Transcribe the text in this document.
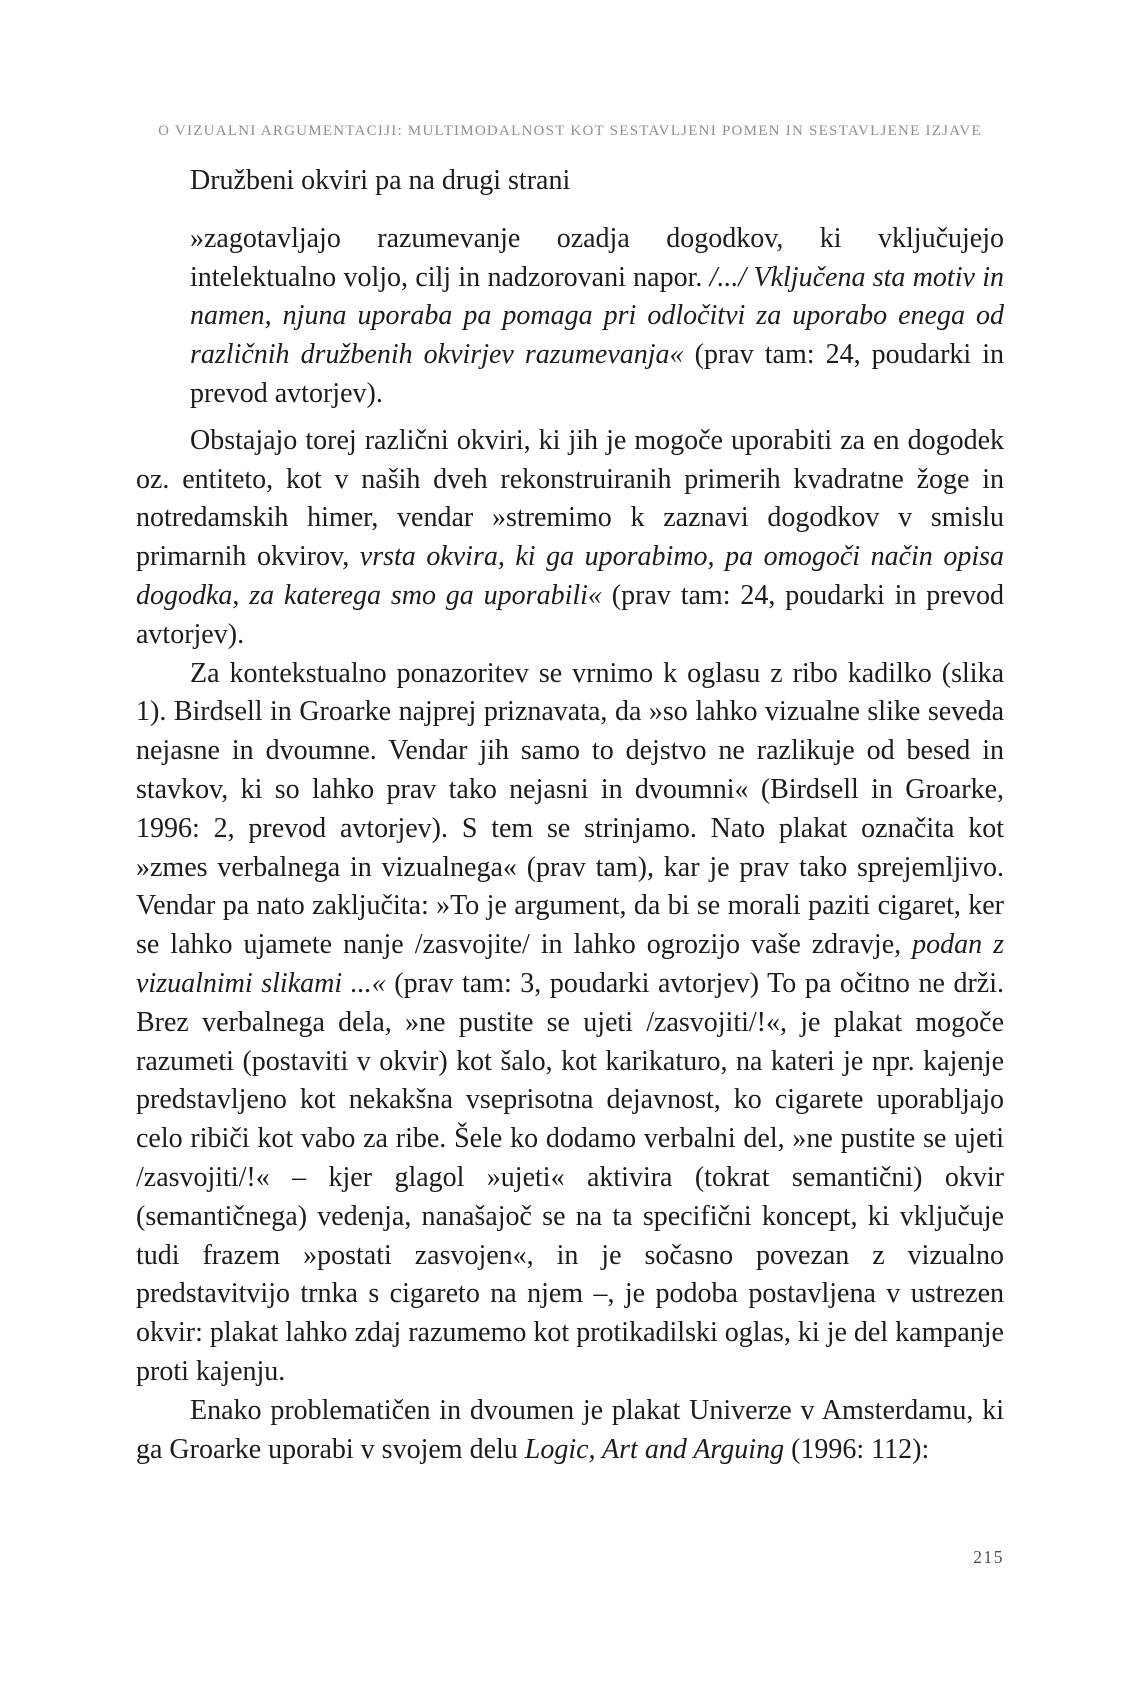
O VIZUALNI ARGUMENTACIJI: MULTIMODALNOST KOT SESTAVLJENI POMEN IN SESTAVLJENE IZJAVE

Družbeni okviri pa na drugi strani

»zagotavljajo razumevanje ozadja dogodkov, ki vključujejo intelektualno voljo, cilj in nadzorovani napor. /.../ Vključena sta motiv in namen, njuna uporaba pa pomaga pri odločitvi za uporabo enega od različnih družbenih okvirjev razumevanja« (prav tam: 24, poudarki in prevod avtorjev).

Obstajajo torej različni okviri, ki jih je mogoče uporabiti za en dogodek oz. entiteto, kot v naših dveh rekonstruiranih primerih kvadratne žoge in notredamskih himer, vendar »stremimo k zaznavi dogodkov v smislu primarnih okvirov, vrsta okvira, ki ga uporabimo, pa omogoči način opisa dogodka, za katerega smo ga uporabili« (prav tam: 24, poudarki in prevod avtorjev).

Za kontekstualno ponazoritev se vrnimo k oglasu z ribo kadilko (slika 1). Birdsell in Groarke najprej priznavata, da »so lahko vizualne slike seveda nejasne in dvoumne. Vendar jih samo to dejstvo ne razlikuje od besed in stavkov, ki so lahko prav tako nejasni in dvoumni« (Birdsell in Groarke, 1996: 2, prevod avtorjev). S tem se strinjamo. Nato plakat označita kot »zmes verbalnega in vizualnega« (prav tam), kar je prav tako sprejemljivo. Vendar pa nato zaključita: »To je argument, da bi se morali paziti cigaret, ker se lahko ujamete nanje /zasvojite/ in lahko ogrozijo vaše zdravje, podan z vizualnimi slikami ...« (prav tam: 3, poudarki avtorjev) To pa očitno ne drži. Brez verbalnega dela, »ne pustite se ujeti /zasvojiti/!«, je plakat mogoče razumeti (postaviti v okvir) kot šalo, kot karikaturo, na kateri je npr. kajenje predstavljeno kot nekakšna vseprisotna dejavnost, ko cigarete uporabljajo celo ribiči kot vabo za ribe. Šele ko dodamo verbalni del, »ne pustite se ujeti /zasvojiti/!« – kjer glagol »ujeti« aktivira (tokrat semantični) okvir (semantičnega) vedenja, nanašajoč se na ta specifični koncept, ki vključuje tudi frazem »postati zasvojen«, in je sočasno povezan z vizualno predstavitvijo trnka s cigareto na njem –, je podoba postavljena v ustrezen okvir: plakat lahko zdaj razumemo kot protikadilski oglas, ki je del kampanje proti kajenju.

Enako problematičen in dvoumen je plakat Univerze v Amsterdamu, ki ga Groarke uporabi v svojem delu Logic, Art and Arguing (1996: 112):

215
